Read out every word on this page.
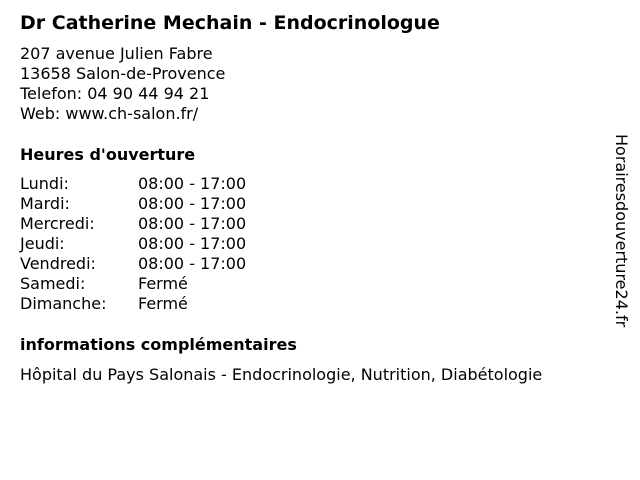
Dr Catherine Mechain - Endocrinologue
207 avenue Julien Fabre
13658 Salon-de-Provence
Telefon: 04 90 44 94 21
Web: www.ch-salon.fr/
Heures d'ouverture
Lundi:	08:00 - 17:00
Mardi:	08:00 - 17:00
Mercredi:	08:00 - 17:00
Jeudi:	08:00 - 17:00
Vendredi:	08:00 - 17:00
Samedi:	Fermé
Dimanche: Fermé
informations complémentaires
Hôpital du Pays Salonais - Endocrinologie, Nutrition, Diabétologie
Horairesdouverture24.fr
